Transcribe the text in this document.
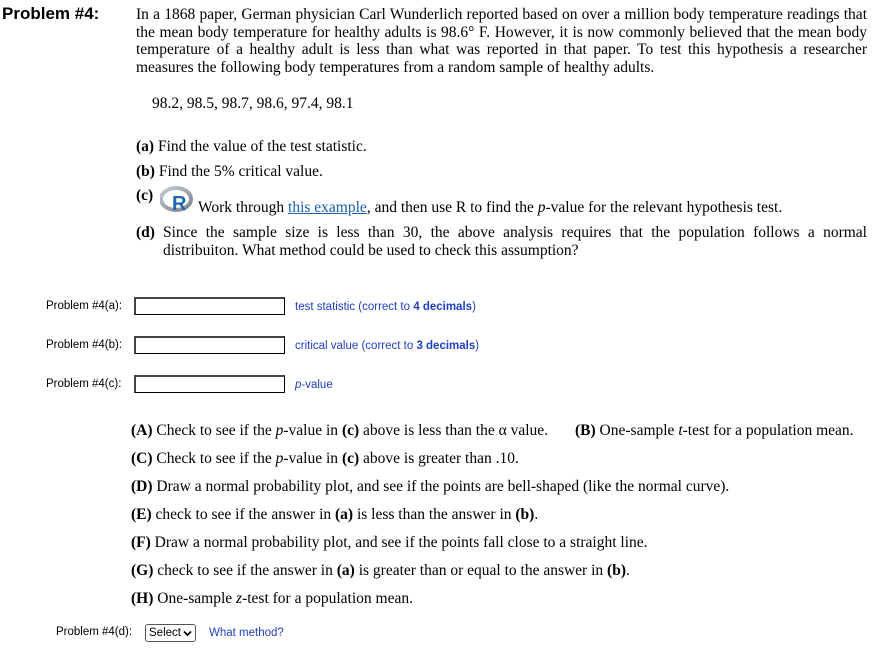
Problem #4: In a 1868 paper, German physician Carl Wunderlich reported based on over a million body temperature readings that the mean body temperature for healthy adults is 98.6° F. However, it is now commonly believed that the mean body temperature of a healthy adult is less than what was reported in that paper. To test this hypothesis a researcher measures the following body temperatures from a random sample of healthy adults.
98.2, 98.5, 98.7, 98.6, 97.4, 98.1
(a) Find the value of the test statistic.
(b) Find the 5% critical value.
(c) R Work through this example, and then use R to find the p-value for the relevant hypothesis test.
(d) Since the sample size is less than 30, the above analysis requires that the population follows a normal distribuiton. What method could be used to check this assumption?
Problem #4(a):	test statistic (correct to 4 decimals)
Problem #4(b):	critical value (correct to 3 decimals)
Problem #4(c):	p-value
(A) Check to see if the p-value in (c) above is less than the α value. (B) One-sample t-test for a population mean.
(C) Check to see if the p-value in (c) above is greater than .10.
(D) Draw a normal probability plot, and see if the points are bell-shaped (like the normal curve).
(E) check to see if the answer in (a) is less than the answer in (b).
(F) Draw a normal probability plot, and see if the points fall close to a straight line.
(G) check to see if the answer in (a) is greater than or equal to the answer in (b).
(H) One-sample z-test for a population mean.
Problem #4(d): Select What method?
